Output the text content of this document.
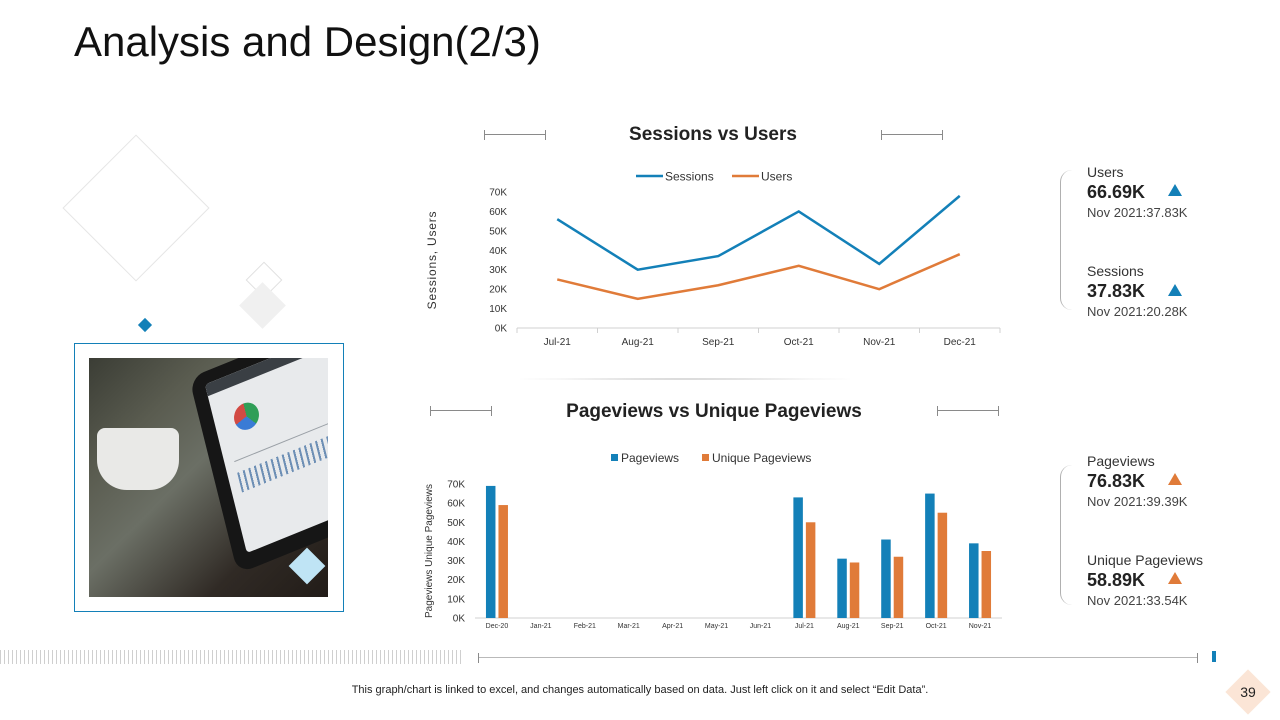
Analysis and Design(2/3)
Sessions vs Users
Sessions, Users
0K
10K
20K
30K
40K
50K
60K
70K
Jul-21	Aug-21	Sep-21	Oct-21	Nov-21	Dec-21
Sessions	Users	Users
66.69K
Nov 2021:37.83K
Sessions
37.83K
Nov 2021:20.28K
Pageviews vs Unique Pageviews
Pageviews Unique Pageviews
0K
10K
20K
30K
40K
50K
60K
70K
Dec-20	Jan-21	Feb-21	Mar-21	Apr-21	May-21	Jun-21	Jul-21	Aug-21	Sep-21	Oct-21	Nov-21
Pageviews	Unique Pageviews	Pageviews
76.83K
Nov 2021:39.39K
Unique Pageviews
58.89K
Nov 2021:33.54K
This graph/chart is linked to excel, and changes automatically based on data. Just left click on it and select “Edit Data”.	39
